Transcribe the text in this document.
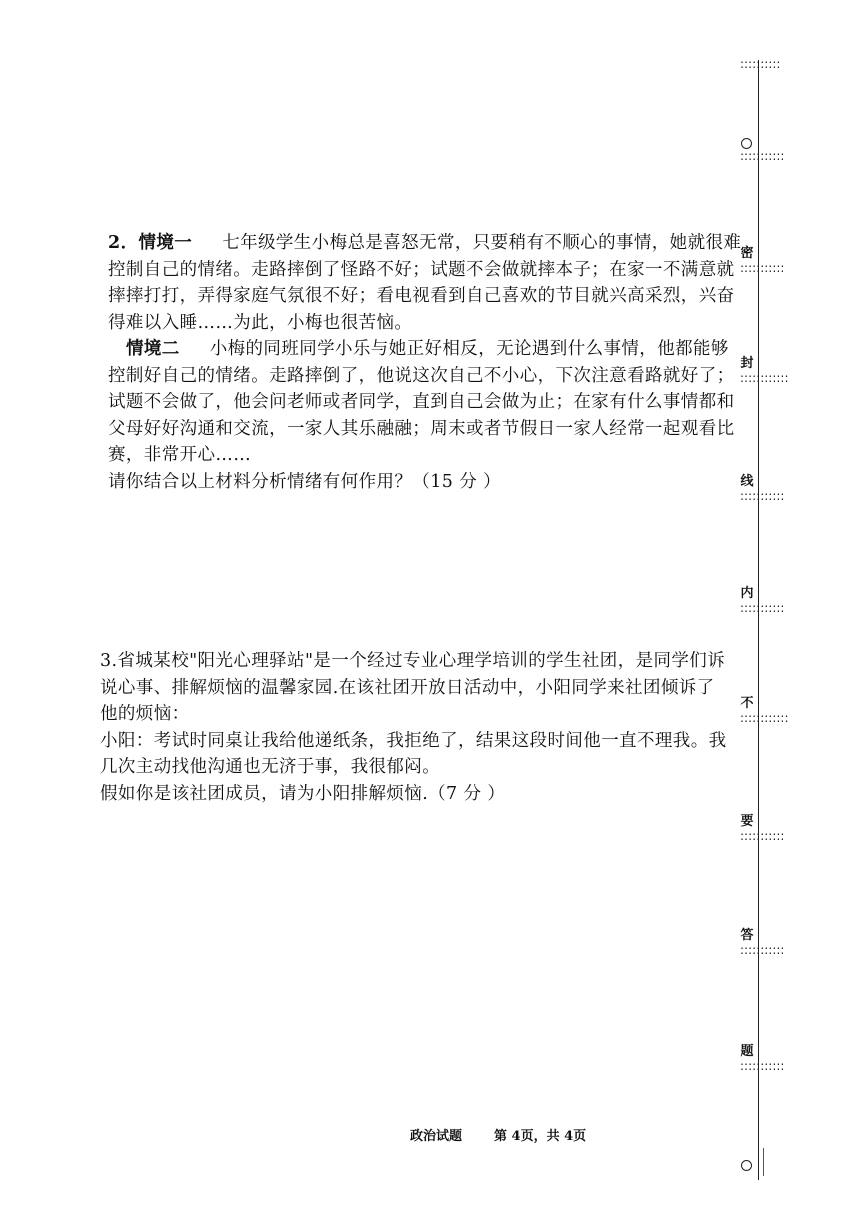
2．情境一 七年级学生小梅总是喜怒无常，只要稍有不顺心的事情，她就很难
控制自己的情绪。走路摔倒了怪路不好；试题不会做就摔本子；在家一不满意就
摔摔打打，弄得家庭气氛很不好；看电视看到自己喜欢的节目就兴高采烈，兴奋
得难以入睡……为此，小梅也很苦恼。
情境二 小梅的同班同学小乐与她正好相反，无论遇到什么事情，他都能够
控制好自己的情绪。走路摔倒了，他说这次自己不小心，下次注意看路就好了；
试题不会做了，他会问老师或者同学，直到自己会做为止；在家有什么事情都和
父母好好沟通和交流，一家人其乐融融；周末或者节假日一家人经常一起观看比
赛，非常开心……
请你结合以上材料分析情绪有何作用？（15 分 ）
3.省城某校"阳光心理驿站"是一个经过专业心理学培训的学生社团，是同学们诉
说心事、排解烦恼的温馨家园.在该社团开放日活动中，小阳同学来社团倾诉了
他的烦恼：
小阳：考试时同桌让我给他递纸条，我拒绝了，结果这段时间他一直不理我。我
几次主动找他沟通也无济于事，我很郁闷。
假如你是该社团成员，请为小阳排解烦恼.（7 分 ）
政治试题 第 4页，共 4页
::::::::::
:::::::::::
密
:::::::::::
封
::::::::::::
线
:::::::::::
内
:::::::::::
不
::::::::::::
要
:::::::::::
答
:::::::::::
题
:::::::::::
